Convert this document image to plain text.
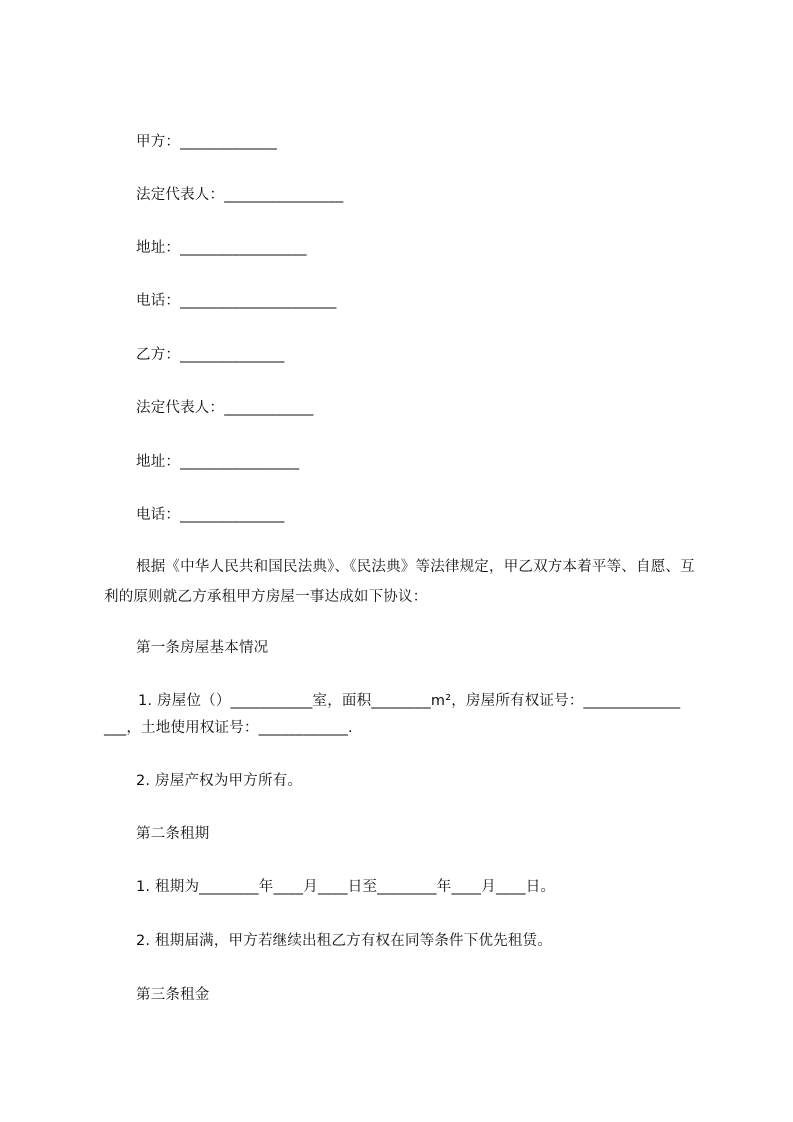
甲方：_____________
法定代表人：________________
地址：_________________
电话：_____________________
乙方：______________
法定代表人：____________
地址：________________
电话：______________
根据《中华人民共和国民法典》、《民法典》等法律规定，甲乙双方本着平等、自愿、互利的原则就乙方承租甲方房屋一事达成如下协议：
第一条房屋基本情况
1. 房屋位（）___________室，面积________m²，房屋所有权证号：_____________
___，土地使用权证号：____________.
2. 房屋产权为甲方所有。
第二条租期
1. 租期为________年____月____日至________年____月____日。
2. 租期届满，甲方若继续出租乙方有权在同等条件下优先租赁。
第三条租金
